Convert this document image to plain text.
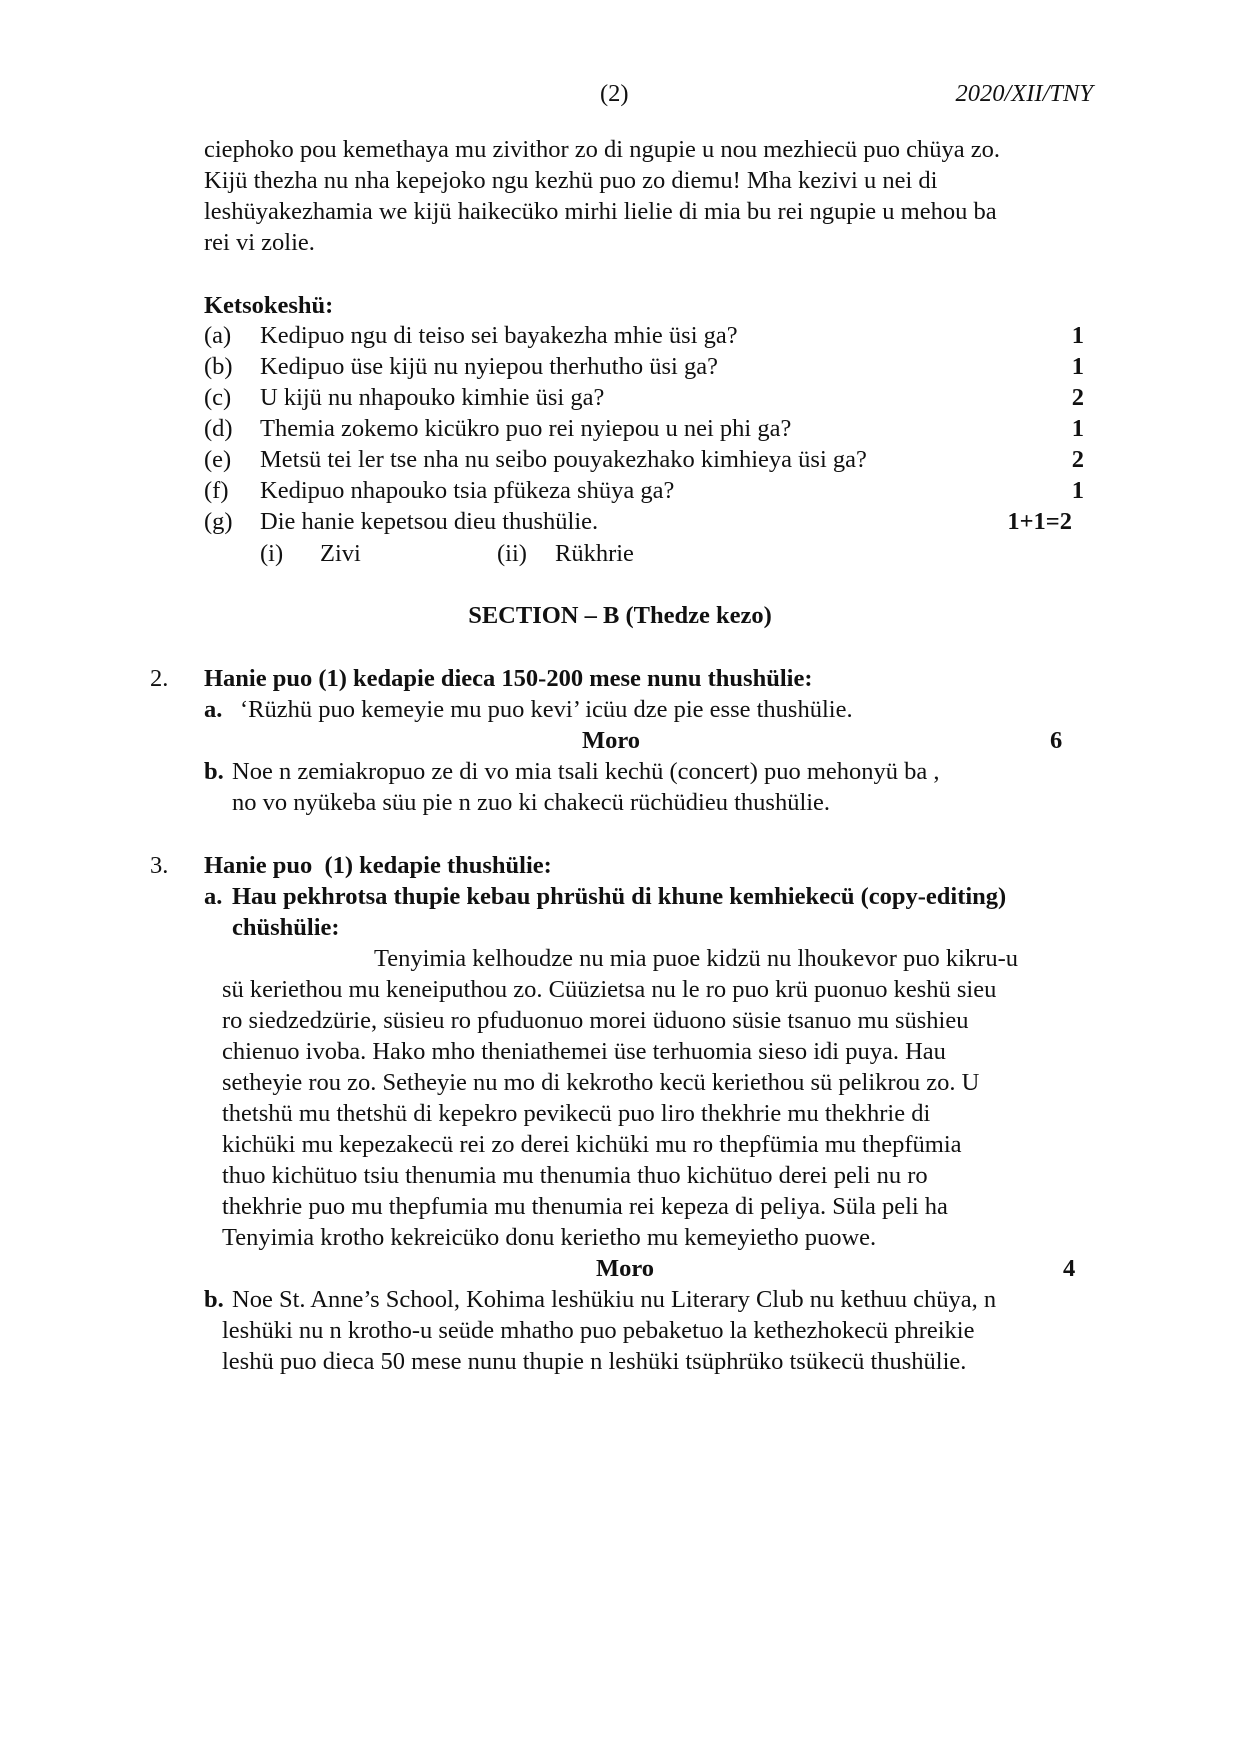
(2)	2020/XII/TNY
ciephoko pou kemethaya mu zivithor zo di ngupie u nou mezhiecü puo chüya zo.
Kijü thezha nu nha kepejoko ngu kezhü puo zo diemu! Mha kezivi u nei di
leshüyakezhamia we kijü haikecüko mirhi lielie di mia bu rei ngupie u mehou ba
rei vi zolie.
Ketsokeshü:
(a) Kedipuo ngu di teiso sei bayakezha mhie üsi ga?	1
(b) Kedipuo üse kijü nu nyiepou therhutho üsi ga?	1
(c) U kijü nu nhapouko kimhie üsi ga?	2
(d) Themia zokemo kicükro puo rei nyiepou u nei phi ga?	1
(e) Metsü tei ler tse nha nu seibo pouyakezhako kimhieya üsi ga?	2
(f) Kedipuo nhapouko tsia pfükeza shüya ga?	1
(g) Die hanie kepetsou dieu thushülie.	1+1=2
(i) Zivi	(ii) Rükhrie
SECTION – B (Thedze kezo)
2. Hanie puo (1) kedapie dieca 150-200 mese nunu thushülie:
a. ‘Rüzhü puo kemeyie mu puo kevi’ icüu dze pie esse thushülie.
Moro	6
b. Noe n zemiakropuo ze di vo mia tsali kechü (concert) puo mehonyü ba ,
no vo nyükeba süu pie n zuo ki chakecü rüchüdieu thushülie.
3. Hanie puo  (1) kedapie thushülie:
a. Hau pekhrotsa thupie kebau phrüshü di khune kemhiekecü (copy-editing)
chüshülie:
Tenyimia kelhoudze nu mia puoe kidzü nu lhoukevor puo kikru-u
sü keriethou mu keneiputhou zo. Cüüzietsa nu le ro puo krü puonuo keshü sieu
ro siedzedzürie, süsieu ro pfuduonuo morei üduono süsie tsanuo mu süshieu
chienuo ivoba. Hako mho theniathemei üse terhuomia sieso idi puya. Hau
setheyie rou zo. Setheyie nu mo di kekrotho kecü keriethou sü pelikrou zo. U
thetshü mu thetshü di kepekro pevikecü puo liro thekhrie mu thekhrie di
kichüki mu kepezakecü rei zo derei kichüki mu ro thepfümia mu thepfümia
thuo kichütuo tsiu thenumia mu thenumia thuo kichütuo derei peli nu ro
thekhrie puo mu thepfumia mu thenumia rei kepeza di peliya. Süla peli ha
Tenyimia krotho kekreicüko donu kerietho mu kemeyietho puowe.
Moro	4
b. Noe St. Anne’s School, Kohima leshükiu nu Literary Club nu kethuu chüya, n
leshüki nu n krotho-u seüde mhatho puo pebaketuo la kethezhokecü phreikie
leshü puo dieca 50 mese nunu thupie n leshüki tsüphrüko tsükecü thushülie.
